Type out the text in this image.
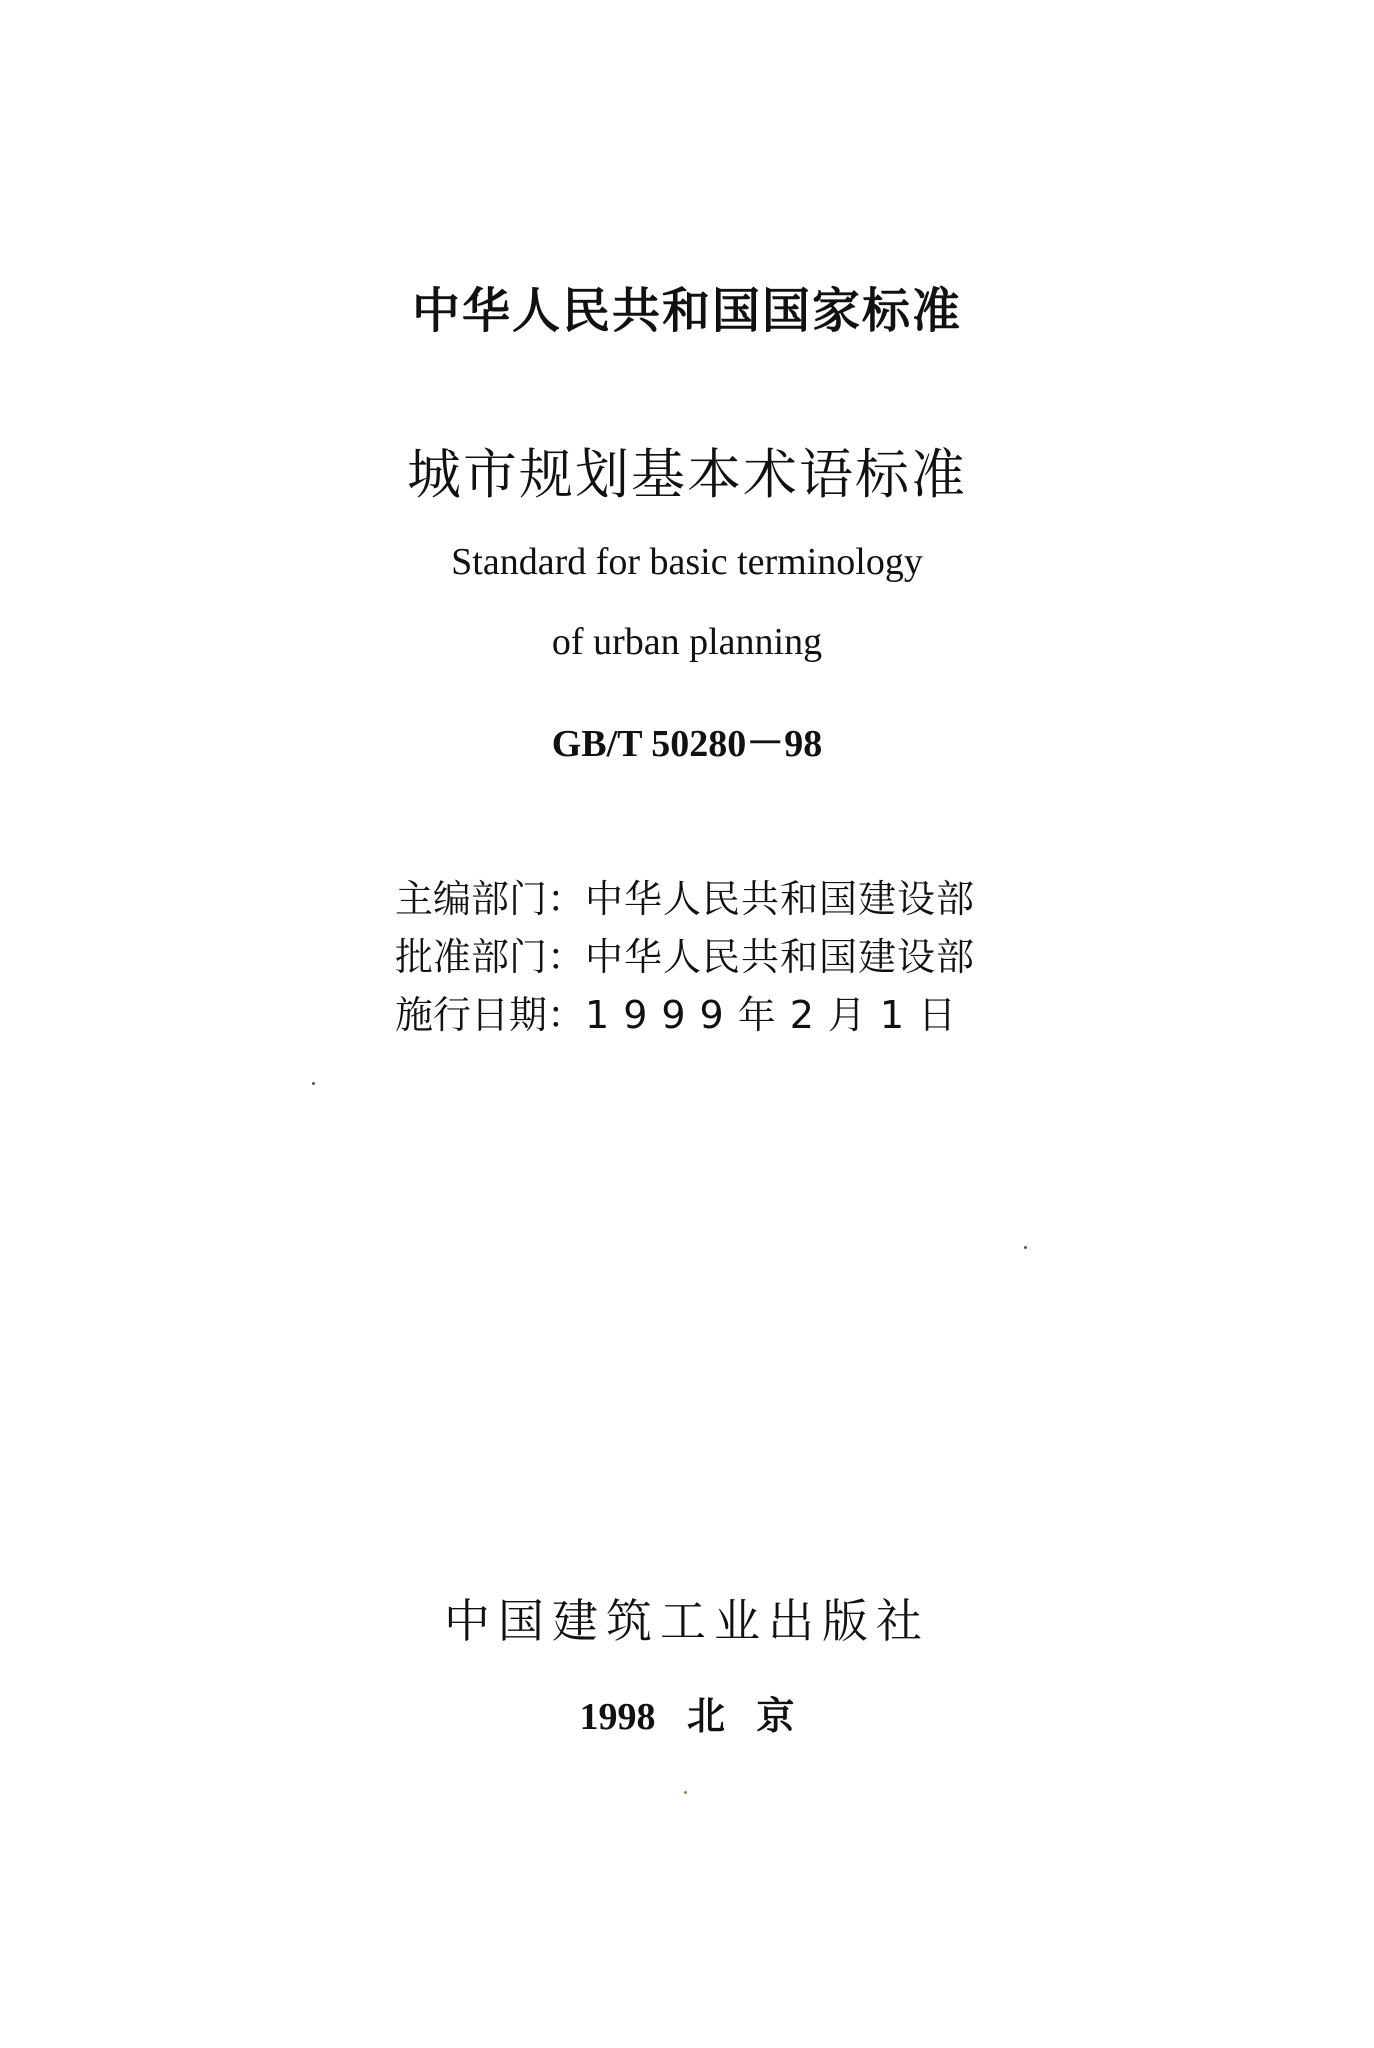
中华人民共和国国家标准
城市规划基本术语标准
Standard for basic terminology
of urban planning
GB/T 50280－98
主编部门：中华人民共和国建设部
批准部门：中华人民共和国建设部
施行日期：1999年2月1日
中国建筑工业出版社
1998 北 京
